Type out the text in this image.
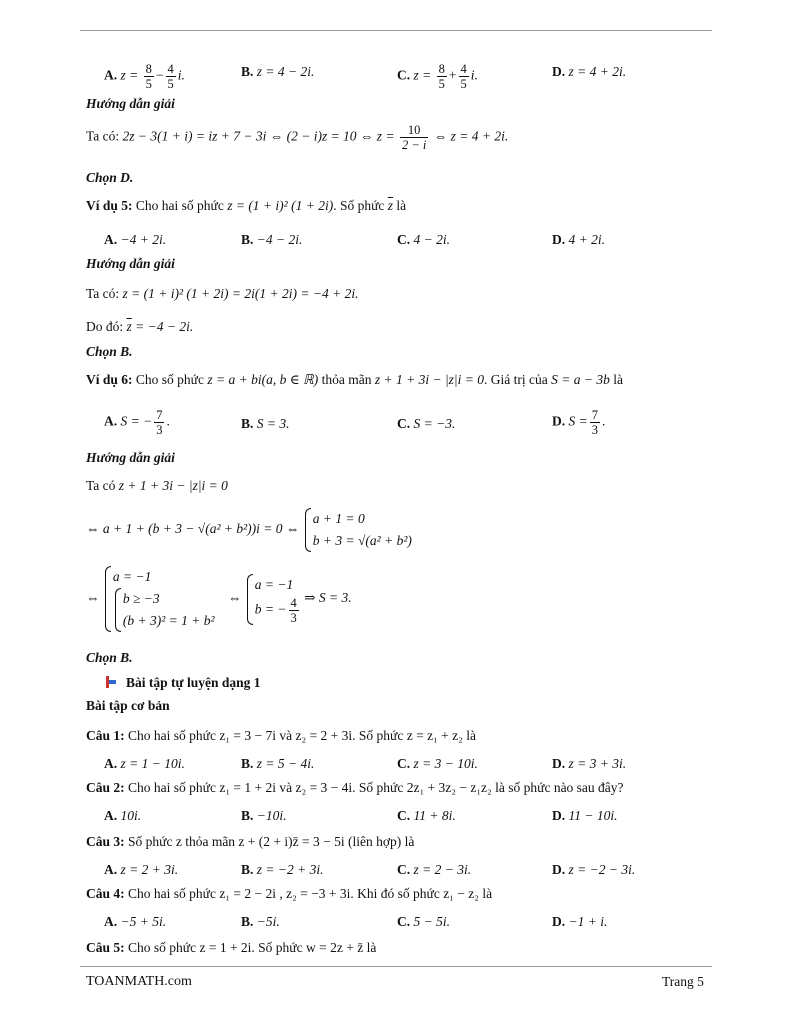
A. $z = \frac{8}{5} - \frac{4}{5} i$.	B. z = 4 − 2i.	C. $z = \frac{8}{5} + \frac{4}{5} i$.	D. z = 4 + 2i.
Hướng dẫn giải
Ta có: 2z − 3(1 + i) = iz + 7 − 3i ⇔ (2 − i)z = 10 ⇔ $z = \frac{10}{2 - i}$ ⇔ z = 4 + 2i.
Chọn D.
Ví dụ 5: Cho hai số phức z = (1 + i)² (1 + 2i). Số phức $\overline{z}$ là
A. −4 + 2i.	B. −4 − 2i.	C. 4 − 2i.	D. 4 + 2i.
Hướng dẫn giải
Ta có: z = (1 + i)² (1 + 2i) = 2i(1 + 2i) = −4 + 2i.
Do đó: $\overline{z} = -4 - 2i$.
Chọn B.
Ví dụ 6: Cho số phức z = a + bi(a, b ∈ ℝ) thỏa mãn z + 1 + 3i − |z|i = 0. Giá trị của S = a − 3b là
A. S = − $\frac{7}{3}$ .	B. S = 3.	C. S = −3.	D. $S = \frac{7}{3}$ .
Hướng dẫn giải
Ta có z + 1 + 3i − |z|i = 0
⇔ a + 1 + (b + 3 − √(a² + b²))i = 0 ⇔
a + 1 = 0
b + 3 = √(a² + b²)
⇔
a = −1
b ≥ −3
(b + 3)² = 1 + b²
⇔
a = −1
b = − $\frac{4}{3}$ ⇒ S = 3.
Chọn B.
Bài tập tự luyện dạng 1
Bài tập cơ bản
Câu 1: Cho hai số phức z₁ = 3 − 7i và z₂ = 2 + 3i. Số phức z = z₁ + z₂ là
A. z = 1 − 10i.	B. z = 5 − 4i.	C. z = 3 − 10i.	D. z = 3 + 3i.
Câu 2: Cho hai số phức z₁ = 1 + 2i và z₂ = 3 − 4i. Số phức 2z₁ + 3z₂ − z₁z₂ là số phức nào sau đây?
A. 10i.	B. −10i.	C. 11 + 8i.	D. 11 − 10i.
Câu 3: Số phức z thỏa mãn z + (2 + i)z̄ = 3 − 5i (liên hợp) là
A. z = 2 + 3i.	B. z = −2 + 3i.	C. z = 2 − 3i.	D. z = −2 − 3i.
Câu 4: Cho hai số phức z₁ = 2 − 2i , z₂ = −3 + 3i. Khi đó số phức z₁ − z₂ là
A. −5 + 5i.	B. −5i.	C. 5 − 5i.	D. −1 + i.
Câu 5: Cho số phức z = 1 + 2i. Số phức w = 2z + z̄ là
TOANMATH.com	Trang 5
